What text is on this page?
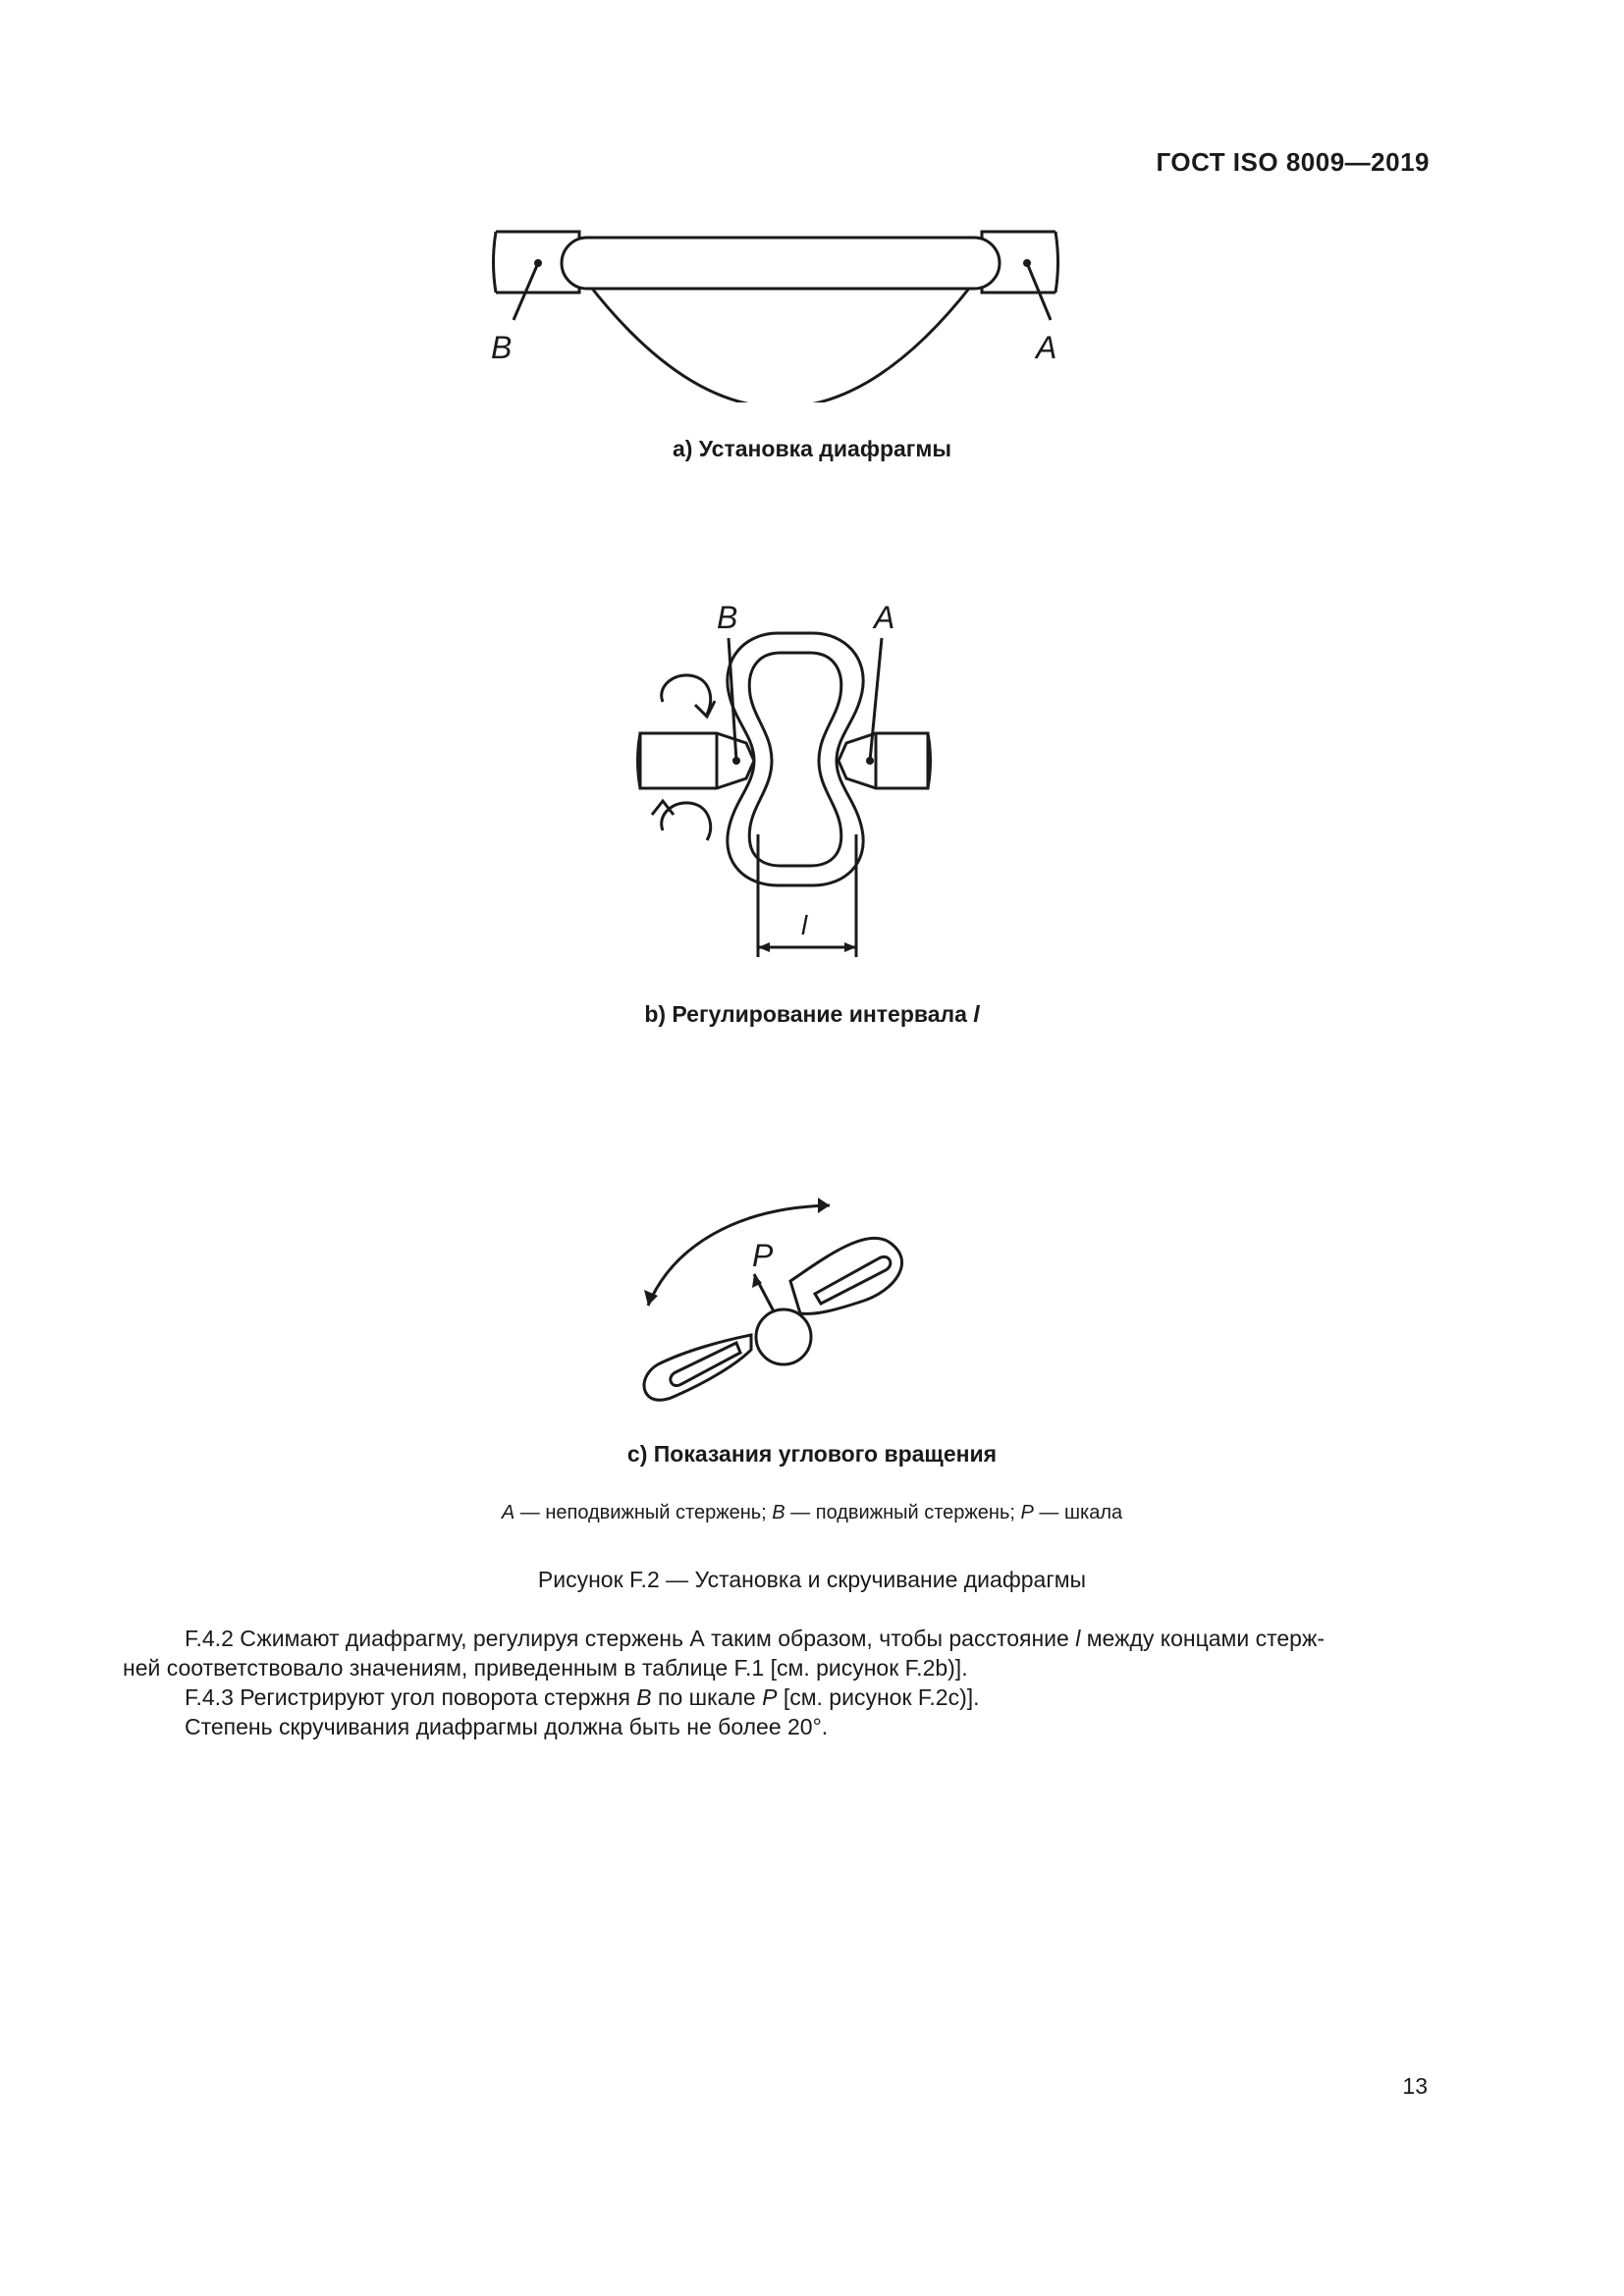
ГОСТ ISO 8009—2019
B	A
a) Установка диафрагмы
B	A
l
b) Регулирование интервала l
P
c) Показания углового вращения
A — неподвижный стержень; B — подвижный стержень; P — шкала
Рисунок F.2 — Установка и скручивание диафрагмы

F.4.2 Сжимают диафрагму, регулируя стержень А таким образом, чтобы расстояние l между концами стерж-

ней соответствовало значениям, приведенным в таблице F.1 [см. рисунок F.2b)].

F.4.3 Регистрируют угол поворота стержня B по шкале P [см. рисунок F.2c)].

Степень скручивания диафрагмы должна быть не более 20°.

13
